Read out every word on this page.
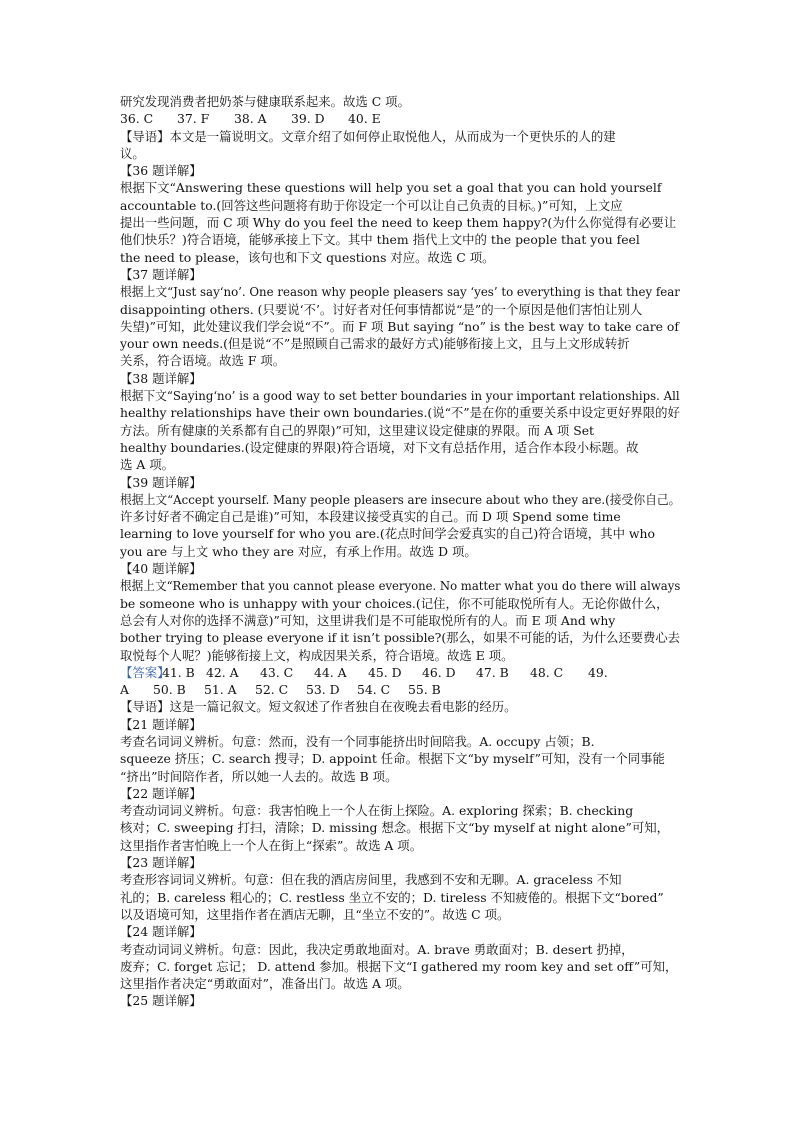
研究发现消费者把奶茶与健康联系起来。故选 C 项。
36. C	37. F	38. A	39. D	40. E
【导语】本文是一篇说明文。文章介绍了如何停止取悦他人，从而成为一个更快乐的人的建
议。
【36 题详解】
根据下文“Answering these questions will help you set a goal that you can hold yourself
accountable to.(回答这些问题将有助于你设定一个可以让自己负责的目标。)”可知，上文应
提出一些问题，而 C 项 Why do you feel the need to keep them happy?(为什么你觉得有必要让
他们快乐？)符合语境，能够承接上下文。其中 them 指代上文中的 the people that you feel
the need to please，该句也和下文 questions 对应。故选 C 项。
【37 题详解】
根据上文“Just say‘no’. One reason why people pleasers say ‘yes’ to everything is that they fear
disappointing others. (只要说‘不’。讨好者对任何事情都说“是”的一个原因是他们害怕让别人
失望)”可知，此处建议我们学会说“不”。而 F 项 But saying “no” is the best way to take care of
your own needs.(但是说“不”是照顾自己需求的最好方式)能够衔接上文，且与上文形成转折
关系，符合语境。故选 F 项。
【38 题详解】
根据下文“Saying‘no’ is a good way to set better boundaries in your important relationships. All
healthy relationships have their own boundaries.(说“不”是在你的重要关系中设定更好界限的好
方法。所有健康的关系都有自己的界限)”可知，这里建议设定健康的界限。而 A 项 Set
healthy boundaries.(设定健康的界限)符合语境，对下文有总括作用，适合作本段小标题。故
选 A 项。
【39 题详解】
根据上文“Accept yourself. Many people pleasers are insecure about who they are.(接受你自己。
许多讨好者不确定自己是谁)”可知，本段建议接受真实的自己。而 D 项 Spend some time
learning to love yourself for who you are.(花点时间学会爱真实的自己)符合语境，其中 who
you are 与上文 who they are 对应，有承上作用。故选 D 项。
【40 题详解】
根据上文“Remember that you cannot please everyone. No matter what you do there will always
be someone who is unhappy with your choices.(记住，你不可能取悦所有人。无论你做什么，
总会有人对你的选择不满意)”可知，这里讲我们是不可能取悦所有的人。而 E 项 And why
bother trying to please everyone if it isn’t possible?(那么，如果不可能的话，为什么还要费心去
取悦每个人呢？)能够衔接上文，构成因果关系，符合语境。故选 E 项。
【答案】
41. B 42. A	43. C	44. A	45. D	46. D	47. B	48. C	49.
A	50. B	51. A	52. C	53. D	54. C	55. B
【导语】这是一篇记叙文。短文叙述了作者独自在夜晚去看电影的经历。
【21 题详解】
考查名词词义辨析。句意：然而，没有一个同事能挤出时间陪我。A. occupy 占领；B.
squeeze 挤压；C. search 搜寻；D. appoint 任命。根据下文“by myself”可知，没有一个同事能
“挤出”时间陪作者，所以她一人去的。故选 B 项。
【22 题详解】
考查动词词义辨析。句意：我害怕晚上一个人在街上探险。A. exploring 探索；B. checking
核对；C. sweeping 打扫，清除；D. missing 想念。根据下文“by myself at night alone”可知，
这里指作者害怕晚上一个人在街上“探索”。故选 A 项。
【23 题详解】
考查形容词词义辨析。句意：但在我的酒店房间里，我感到不安和无聊。A. graceless 不知
礼的；B. careless 粗心的；C. restless 坐立不安的；D. tireless 不知疲倦的。根据下文“bored”
以及语境可知，这里指作者在酒店无聊，且“坐立不安的”。故选 C 项。
【24 题详解】
考查动词词义辨析。句意：因此，我决定勇敢地面对。A. brave 勇敢面对；B. desert 扔掉，
废弃；C. forget 忘记； D. attend 参加。根据下文“I gathered my room key and set off”可知，
这里指作者决定“勇敢面对”，准备出门。故选 A 项。
【25 题详解】
